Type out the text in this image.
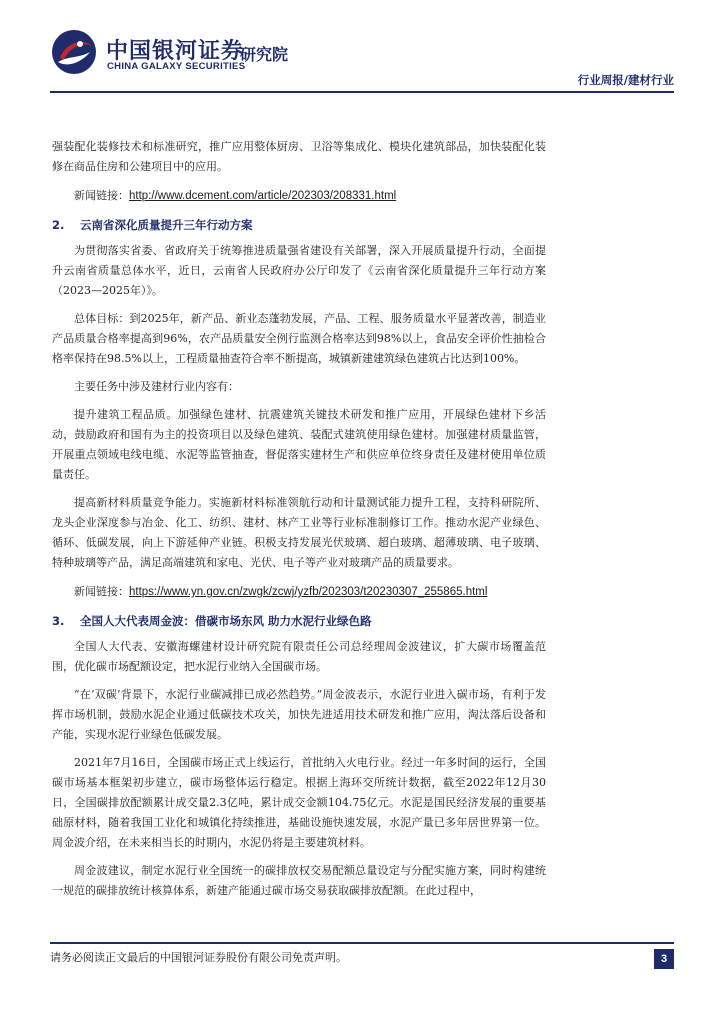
中国银河证券
CHINA GALAXY SECURITIES
研究院
行业周报/建材行业

强装配化装修技术和标准研究，推广应用整体厨房、卫浴等集成化、模块化建筑部品，加快装配化装修在商品住房和公建项目中的应用。

新闻链接：http://www.dcement.com/article/202303/208331.html
2. 云南省深化质量提升三年行动方案

为贯彻落实省委、省政府关于统筹推进质量强省建设有关部署，深入开展质量提升行动，全面提升云南省质量总体水平，近日，云南省人民政府办公厅印发了《云南省深化质量提升三年行动方案（2023—2025年）》。

总体目标：到2025年，新产品、新业态蓬勃发展，产品、工程、服务质量水平显著改善，制造业产品质量合格率提高到96%，农产品质量安全例行监测合格率达到98%以上，食品安全评价性抽检合格率保持在98.5%以上，工程质量抽查符合率不断提高，城镇新建建筑绿色建筑占比达到100%。

主要任务中涉及建材行业内容有：

提升建筑工程品质。加强绿色建材、抗震建筑关键技术研发和推广应用，开展绿色建材下乡活动，鼓励政府和国有为主的投资项目以及绿色建筑、装配式建筑使用绿色建材。加强建材质量监管，开展重点领域电线电缆、水泥等监管抽查，督促落实建材生产和供应单位终身责任及建材使用单位质量责任。

提高新材料质量竞争能力。实施新材料标准领航行动和计量测试能力提升工程，支持科研院所、龙头企业深度参与冶金、化工、纺织、建材、林产工业等行业标准制修订工作。推动水泥产业绿色、循环、低碳发展，向上下游延伸产业链。积极支持发展光伏玻璃、超白玻璃、超薄玻璃、电子玻璃、特种玻璃等产品，满足高端建筑和家电、光伏、电子等产业对玻璃产品的质量要求。

新闻链接：https://www.yn.gov.cn/zwgk/zcwj/yzfb/202303/t20230307_255865.html
3. 全国人大代表周金波：借碳市场东风 助力水泥行业绿色路

全国人大代表、安徽海螺建材设计研究院有限责任公司总经理周金波建议，扩大碳市场覆盖范围，优化碳市场配额设定，把水泥行业纳入全国碳市场。

“在‘双碳’背景下，水泥行业碳减排已成必然趋势。”周金波表示，水泥行业进入碳市场，有利于发挥市场机制，鼓励水泥企业通过低碳技术攻关，加快先进适用技术研发和推广应用，淘汰落后设备和产能，实现水泥行业绿色低碳发展。

2021年7月16日，全国碳市场正式上线运行，首批纳入火电行业。经过一年多时间的运行，全国碳市场基本框架初步建立，碳市场整体运行稳定。根据上海环交所统计数据，截至2022年12月30日，全国碳排放配额累计成交量2.3亿吨，累计成交金额104.75亿元。水泥是国民经济发展的重要基础原材料，随着我国工业化和城镇化持续推进，基础设施快速发展，水泥产量已多年居世界第一位。周金波介绍，在未来相当长的时期内，水泥仍将是主要建筑材料。

周金波建议，制定水泥行业全国统一的碳排放权交易配额总量设定与分配实施方案，同时构建统一规范的碳排放统计核算体系，新建产能通过碳市场交易获取碳排放配额。在此过程中，

请务必阅读正文最后的中国银河证券股份有限公司免责声明。	3
